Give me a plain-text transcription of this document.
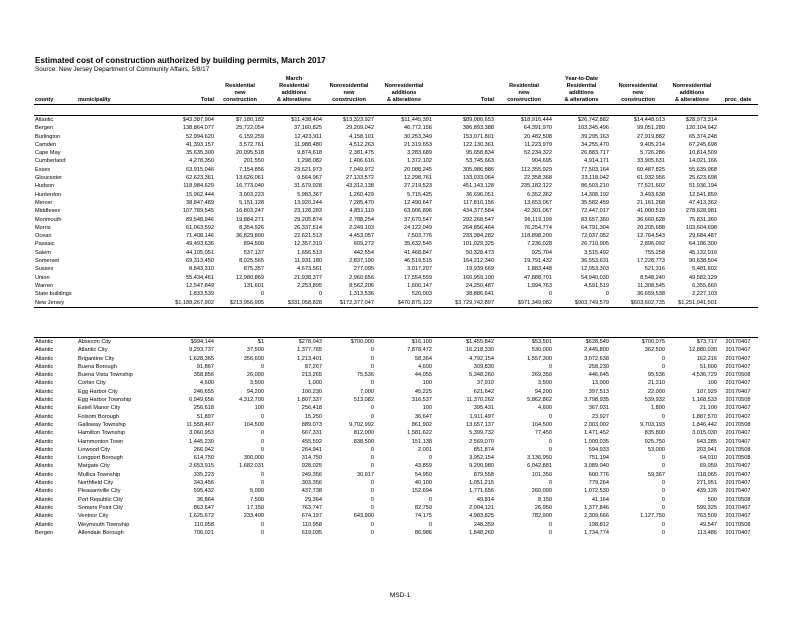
Estimated cost of construction authorized by building permits, March 2017
Source: New Jersey Department of Community Affairs, 5/8/17
				March					Year-to-Date			
county	municipality	Total	Residential
new
construction	Residential
additions
& alterations	Nonresidential
new
construction	Nonresidential
additions
& alterations	Total	Residential
new
construction	Residential
additions
& alterations	Nonresidential
new
construction	Nonresidential
additions
& alterations	proc_date
Atlantic		$43,387,904	$7,180,182	$11,438,404	$13,323,927	$11,445,391	$89,080,653	$18,916,444	$26,742,882	$14,448,013	$28,973,314	
Bergen		138,864,077	25,722,054	37,160,825	29,209,042	46,772,156	386,893,388	64,391,970	103,345,496	99,051,280	120,104,642	
Burlington		52,994,620	6,159,259	12,423,911	4,158,101	30,253,349	153,071,801	20,482,508	39,295,163	27,919,882	65,374,248	
Camden		41,393,157	3,572,761	11,988,480	4,512,263	21,319,653	122,130,361	11,223,979	34,255,470	9,405,214	67,245,698	
Cape May		35,635,300	20,095,518	9,874,618	2,381,475	3,283,689	95,658,834	52,234,322	26,883,717	5,726,286	10,814,509	
Cumberland		4,278,350	201,550	1,298,082	1,406,616	1,372,102	53,745,663	904,695	4,914,171	33,905,631	14,021,166	
Essex		63,915,046	7,154,856	29,621,973	7,049,972	20,088,245	305,986,886	112,355,929	77,503,164	60,487,825	55,639,968	
Gloucester		62,623,361	13,626,061	9,564,967	27,133,572	12,298,761	133,033,064	22,358,368	23,118,042	61,932,956	25,623,698	
Hudson		118,984,629	16,773,040	31,679,928	43,312,138	27,219,523	451,143,128	235,182,122	86,503,210	77,521,602	51,936,194	
Hunterdon		15,962,444	3,003,223	5,983,367	1,260,429	5,715,425	36,696,051	6,352,362	14,308,192	3,493,638	12,541,859	
Mercer		38,847,489	5,151,128	13,920,244	7,285,470	12,490,647	117,810,156	13,653,067	35,582,459	21,161,268	47,413,362	
Middlesex		107,789,545	16,803,247	23,128,283	4,851,119	63,006,896	434,377,584	42,301,067	72,447,017	41,000,519	278,628,981	
Monmouth		89,548,946	19,884,271	29,205,874	2,788,254	37,670,547	292,268,547	96,119,199	83,657,360	36,660,628	75,831,360	
Morris		61,063,592	8,354,926	26,337,514	2,249,103	24,122,049	264,856,464	76,254,774	64,791,304	20,205,688	103,604,698	
Ocean		71,408,146	36,829,800	22,621,513	4,453,057	7,503,776	233,384,282	118,898,200	72,037,052	12,764,543	29,684,487	
Passaic		49,493,636	894,500	12,357,319	609,272	35,632,545	101,029,325	7,236,028	26,710,905	2,896,092	64,186,300	
Salem		44,105,051	537,137	1,656,513	442,554	41,468,847	50,328,473	925,704	3,515,492	755,258	45,132,019	
Somerset		69,313,450	8,025,565	11,931,180	2,837,190	46,519,515	164,212,340	19,791,432	36,553,631	17,228,773	90,638,504	
Sussex		8,843,310	875,357	4,673,561	277,095	3,017,297	19,939,669	1,883,448	12,053,303	521,316	5,481,602	
Union		55,434,461	12,980,869	21,938,377	2,960,656	17,554,559	160,959,100	47,888,701	54,940,030	8,548,240	49,582,129	
Warren		12,547,849	131,601	2,253,895	8,562,206	1,600,147	24,250,487	1,994,763	4,591,519	11,308,545	6,355,660	
State buildings		1,833,539	0	0	1,313,536	520,003	38,886,641	0	0	36,659,538	2,227,103	
New Jersey		$1,188,267,902	$213,956,905	$331,058,828	$172,377,047	$470,875,122	$3,729,742,897	$971,349,082	$903,749,579	$603,602,735	$1,251,041,501	
Atlantic	Absecon City	$994,144	$1	$278,043	$700,000	$16,100	$1,455,842	$53,501	$628,549	$700,075	$73,717	20170407
Atlantic	Atlantic City	9,293,737	37,500	1,377,765	0	7,878,472	16,218,330	530,000	2,445,800	362,500	12,880,030	20170407
Atlantic	Brigantine City	1,628,365	356,600	1,213,401	0	58,364	4,792,154	1,557,300	3,072,638	0	162,216	20170407
Atlantic	Buena Borough	91,867	0	87,267	0	4,600	309,830	0	258,230	0	51,600	20170407
Atlantic	Buena Vista Township	358,856	26,000	213,265	75,536	44,055	5,348,260	269,350	446,645	95,536	4,536,729	20170508
Atlantic	Corbin City	4,600	3,500	1,000	0	100	37,910	3,500	13,000	21,310	100	20170407
Atlantic	Egg Harbor City	246,655	94,200	100,230	7,000	45,225	621,642	94,200	397,513	22,000	107,929	20170407
Atlantic	Egg Harbor Township	6,949,656	4,312,700	1,807,337	513,082	316,537	11,370,262	5,862,862	3,798,935	539,932	1,168,533	20170508
Atlantic	Estell Manor City	256,618	100	256,418	0	100	395,431	4,600	367,931	1,800	21,100	20170407
Atlantic	Folsom Borough	51,897	0	15,250	0	36,647	1,911,497	0	23,927	0	1,887,570	20170407
Atlantic	Galloway Township	11,558,467	104,500	889,073	9,702,992	861,902	13,657,137	104,500	2,003,002	9,703,193	1,846,442	20170508
Atlantic	Hamilton Township	3,060,953	0	667,331	812,000	1,581,622	5,399,732	77,450	1,471,452	835,800	3,015,030	20170407
Atlantic	Hammonton Town	1,445,230	0	455,592	838,500	151,138	2,569,070	0	1,000,035	925,750	643,285	20170407
Atlantic	Linwood City	266,942	0	264,941	0	2,001	851,874	0	594,933	53,000	203,941	20170508
Atlantic	Longport Borough	614,750	300,000	314,750	0	0	3,952,154	3,136,950	751,194	0	64,010	20170508
Atlantic	Margate City	2,653,915	1,682,031	928,025	0	43,859	9,200,980	6,042,881	3,089,040	0	69,059	20170407
Atlantic	Mullica Township	335,223	0	249,356	30,917	54,950	879,558	101,350	600,776	59,367	118,065	20170407
Atlantic	Northfield City	343,456	0	303,356	0	40,100	1,051,215	0	779,264	0	271,951	20170407
Atlantic	Pleasantville City	595,432	5,000	437,738	0	152,694	1,771,656	260,000	1,072,530	0	439,126	20170407
Atlantic	Port Republic City	36,864	7,500	29,364	0	0	49,814	8,150	41,164	0	500	20170508
Atlantic	Somers Point City	863,647	17,150	763,747	0	82,750	2,004,121	26,950	1,377,846	0	599,325	20170407
Atlantic	Ventnor City	1,625,672	233,400	674,197	643,900	74,175	4,983,825	782,900	2,309,666	1,127,750	763,509	20170407
Atlantic	Weymouth Township	110,958	0	110,958	0	0	248,359	0	198,812	0	49,547	20170508
Bergen	Allendale Borough	706,021	0	619,035	0	86,986	1,848,260	0	1,734,774	0	113,486	20170407
MSD-1
